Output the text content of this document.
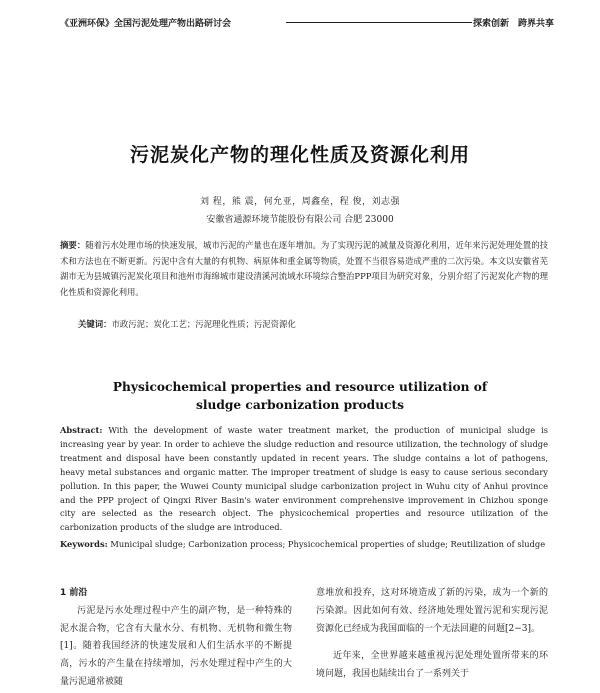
《亚洲环保》全国污泥处理产物出路研讨会	探索创新　跨界共享
污泥炭化产物的理化性质及资源化利用
刘 程，熊 震，何允亚，周鑫垒，程 俊，刘志强
安徽省通源环境节能股份有限公司 合肥 23000
摘要：随着污水处理市场的快速发展，城市污泥的产量也在逐年增加。为了实现污泥的减量及资源化利用，近年来污泥处理处置的技术和方法也在不断更新。污泥中含有大量的有机物、病原体和重金属等物质，处置不当很容易造成严重的二次污染。本文以安徽省芜湖市无为县城镇污泥炭化项目和池州市海绵城市建设清溪河流域水环境综合整治PPP项目为研究对象，分别介绍了污泥炭化产物的理化性质和资源化利用。
关键词：市政污泥；炭化工艺；污泥理化性质；污泥资源化
Physicochemical properties and resource utilization of
sludge carbonization products
Abstract: With the development of waste water treatment market, the production of municipal sludge is increasing year by year. In order to achieve the sludge reduction and resource utilization, the technology of sludge treatment and disposal have been constantly updated in recent years. The sludge contains a lot of pathogens, heavy metal substances and organic matter. The improper treatment of sludge is easy to cause serious secondary pollution. In this paper, the Wuwei County municipal sludge carbonization project in Wuhu city of Anhui province and the PPP project of Qingxi River Basin's water environment comprehensive improvement in Chizhou sponge city are selected as the research object. The physicochemical properties and resource utilization of the carbonization products of the sludge are introduced.
Keywords: Municipal sludge; Carbonization process; Physicochemical properties of sludge; Reutilization of sludge
1 前沿

污泥是污水处理过程中产生的副产物，是一种特殊的泥水混合物，它含有大量水分、有机物、无机物和微生物[1]。随着我国经济的快速发展和人们生活水平的不断提高，污水的产生量在持续增加，污水处理过程中产生的大量污泥通常被随

意堆放和投弃，这对环境造成了新的污染，成为一个新的污染源。因此如何有效、经济地处理处置污泥和实现污泥资源化已经成为我国面临的一个无法回避的问题[2−3]。

近年来，全世界越来越重视污泥处理处置所带来的环境问题，我国也陆续出台了一系列关于
